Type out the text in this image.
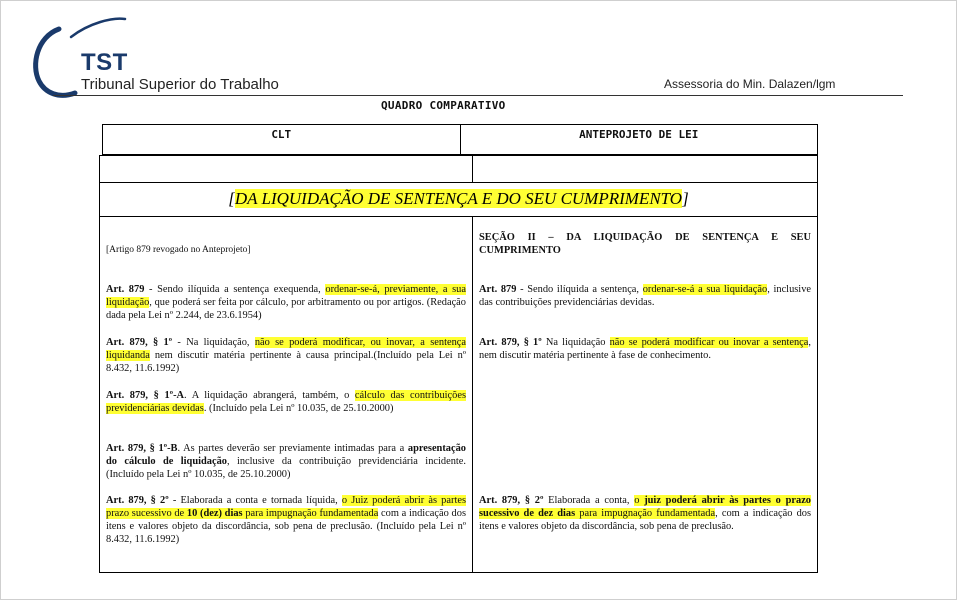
TST
Tribunal Superior do Trabalho	Assessoria do Min. Dalazen/lgm
QUADRO COMPARATIVO
CLT	ANTEPROJETO DE LEI
[DA LIQUIDAÇÃO DE SENTENÇA E DO SEU CUMPRIMENTO]
[Artigo 879 revogado no Anteprojeto]
Art. 879 - Sendo ilíquida a sentença exequenda, ordenar-se-á, previamente, a sua liquidação, que poderá ser feita por cálculo, por arbitramento ou por artigos. (Redação dada pela Lei nº 2.244, de 23.6.1954)
Art. 879, § 1º - Na liquidação, não se poderá modificar, ou inovar, a sentença liquidanda nem discutir matéria pertinente à causa principal.(Incluído pela Lei nº 8.432, 11.6.1992)
Art. 879, § 1º-A. A liquidação abrangerá, também, o cálculo das contribuições previdenciárias devidas. (Incluído pela Lei nº 10.035, de 25.10.2000)
Art. 879, § 1º-B. As partes deverão ser previamente intimadas para a apresentação do cálculo de liquidação, inclusive da contribuição previdenciária incidente. (Incluído pela Lei nº 10.035, de 25.10.2000)
Art. 879, § 2º - Elaborada a conta e tornada líquida, o Juiz poderá abrir às partes prazo sucessivo de 10 (dez) dias para impugnação fundamentada com a indicação dos itens e valores objeto da discordância, sob pena de preclusão. (Incluído pela Lei nº 8.432, 11.6.1992)
SEÇÃO II – DA LIQUIDAÇÃO DE SENTENÇA E SEU CUMPRIMENTO
Art. 879 - Sendo ilíquida a sentença, ordenar-se-á a sua liquidação, inclusive das contribuições previdenciárias devidas.
Art. 879, § 1º Na liquidação não se poderá modificar ou inovar a sentença, nem discutir matéria pertinente à fase de conhecimento.
Art. 879, § 2º Elaborada a conta, o juiz poderá abrir às partes o prazo sucessivo de dez dias para impugnação fundamentada, com a indicação dos itens e valores objeto da discordância, sob pena de preclusão.
